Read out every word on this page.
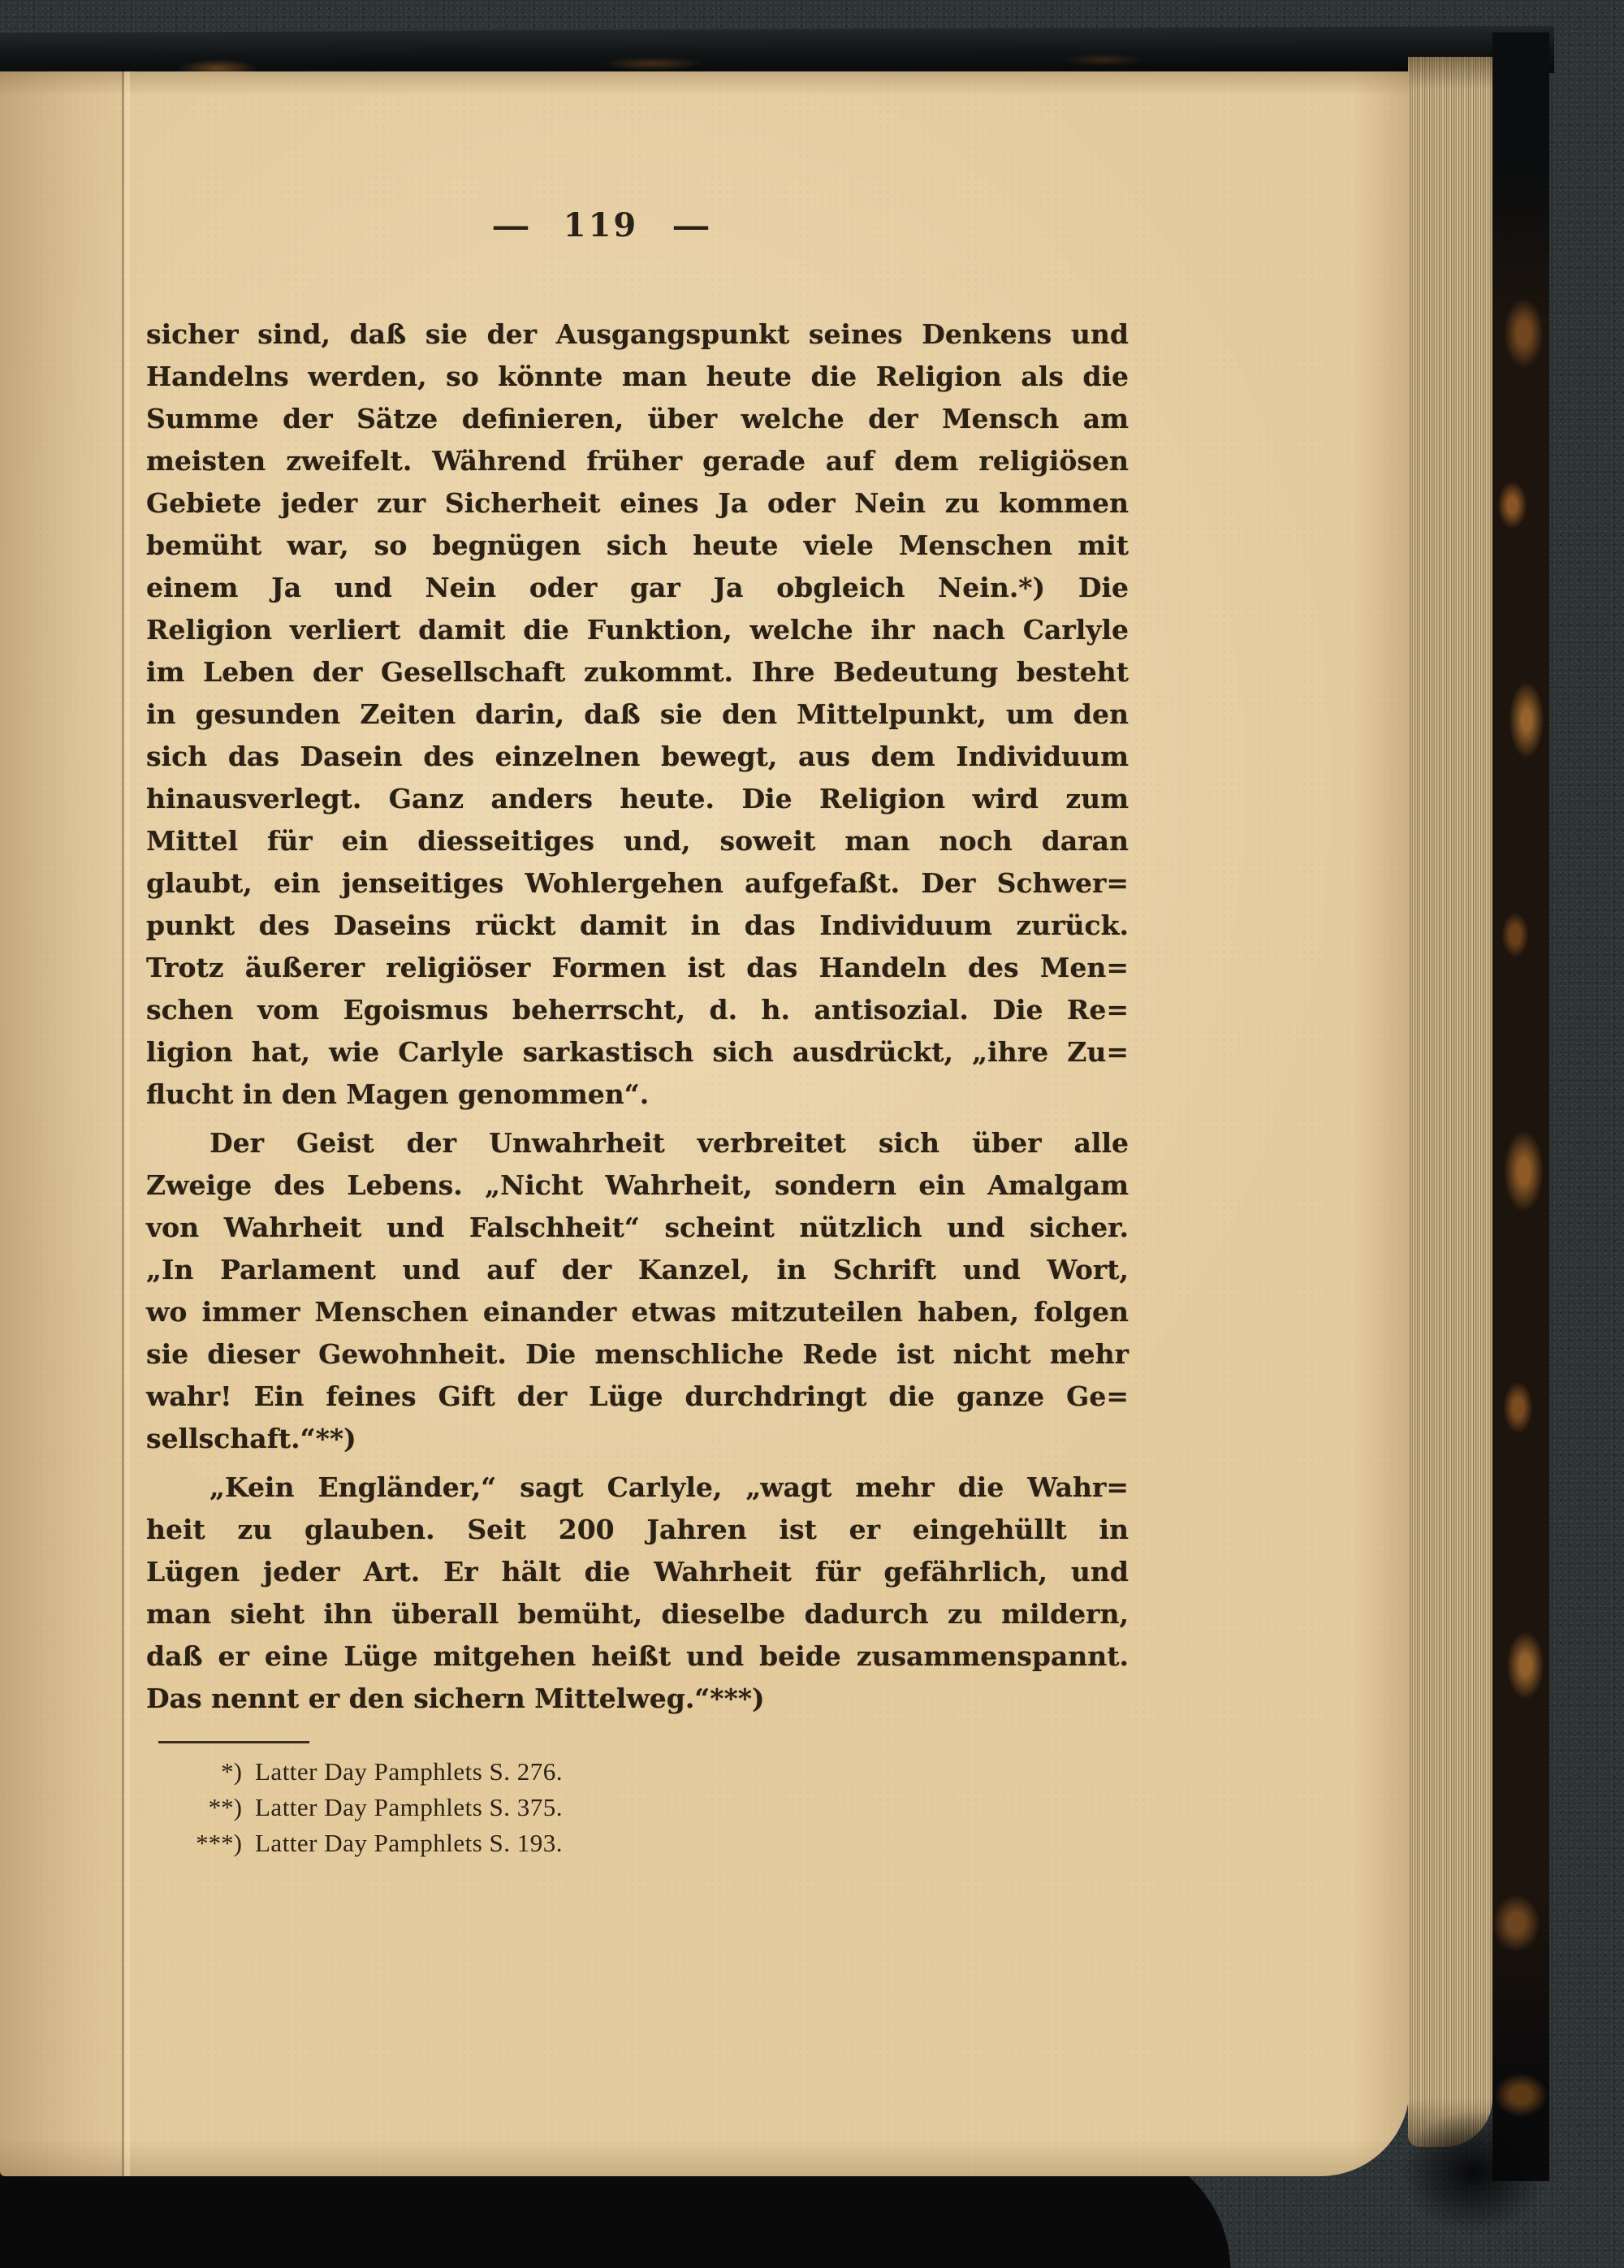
— 119 —
sicher sind, daß sie der Ausgangspunkt seines Denkens und
Handelns werden, so könnte man heute die Religion als die
Summe der Sätze definieren, über welche der Mensch am
meisten zweifelt. Während früher gerade auf dem religiösen
Gebiete jeder zur Sicherheit eines Ja oder Nein zu kommen
bemüht war, so begnügen sich heute viele Menschen mit
einem Ja und Nein oder gar Ja obgleich Nein.*) Die
Religion verliert damit die Funktion, welche ihr nach Carlyle
im Leben der Gesellschaft zukommt. Ihre Bedeutung besteht
in gesunden Zeiten darin, daß sie den Mittelpunkt, um den
sich das Dasein des einzelnen bewegt, aus dem Individuum
hinausverlegt. Ganz anders heute. Die Religion wird zum
Mittel für ein diesseitiges und, soweit man noch daran
glaubt, ein jenseitiges Wohlergehen aufgefaßt. Der Schwer=
punkt des Daseins rückt damit in das Individuum zurück.
Trotz äußerer religiöser Formen ist das Handeln des Men=
schen vom Egoismus beherrscht, d. h. antisozial. Die Re=
ligion hat, wie Carlyle sarkastisch sich ausdrückt, „ihre Zu=
flucht in den Magen genommen“.
Der Geist der Unwahrheit verbreitet sich über alle
Zweige des Lebens. „Nicht Wahrheit, sondern ein Amalgam
von Wahrheit und Falschheit“ scheint nützlich und sicher.
„In Parlament und auf der Kanzel, in Schrift und Wort,
wo immer Menschen einander etwas mitzuteilen haben, folgen
sie dieser Gewohnheit. Die menschliche Rede ist nicht mehr
wahr! Ein feines Gift der Lüge durchdringt die ganze Ge=
sellschaft.“**)
„Kein Engländer,“ sagt Carlyle, „wagt mehr die Wahr=
heit zu glauben. Seit 200 Jahren ist er eingehüllt in
Lügen jeder Art. Er hält die Wahrheit für gefährlich, und
man sieht ihn überall bemüht, dieselbe dadurch zu mildern,
daß er eine Lüge mitgehen heißt und beide zusammenspannt.
Das nennt er den sichern Mittelweg.“***)
*) Latter Day Pamphlets S. 276.
**) Latter Day Pamphlets S. 375.
***) Latter Day Pamphlets S. 193.
